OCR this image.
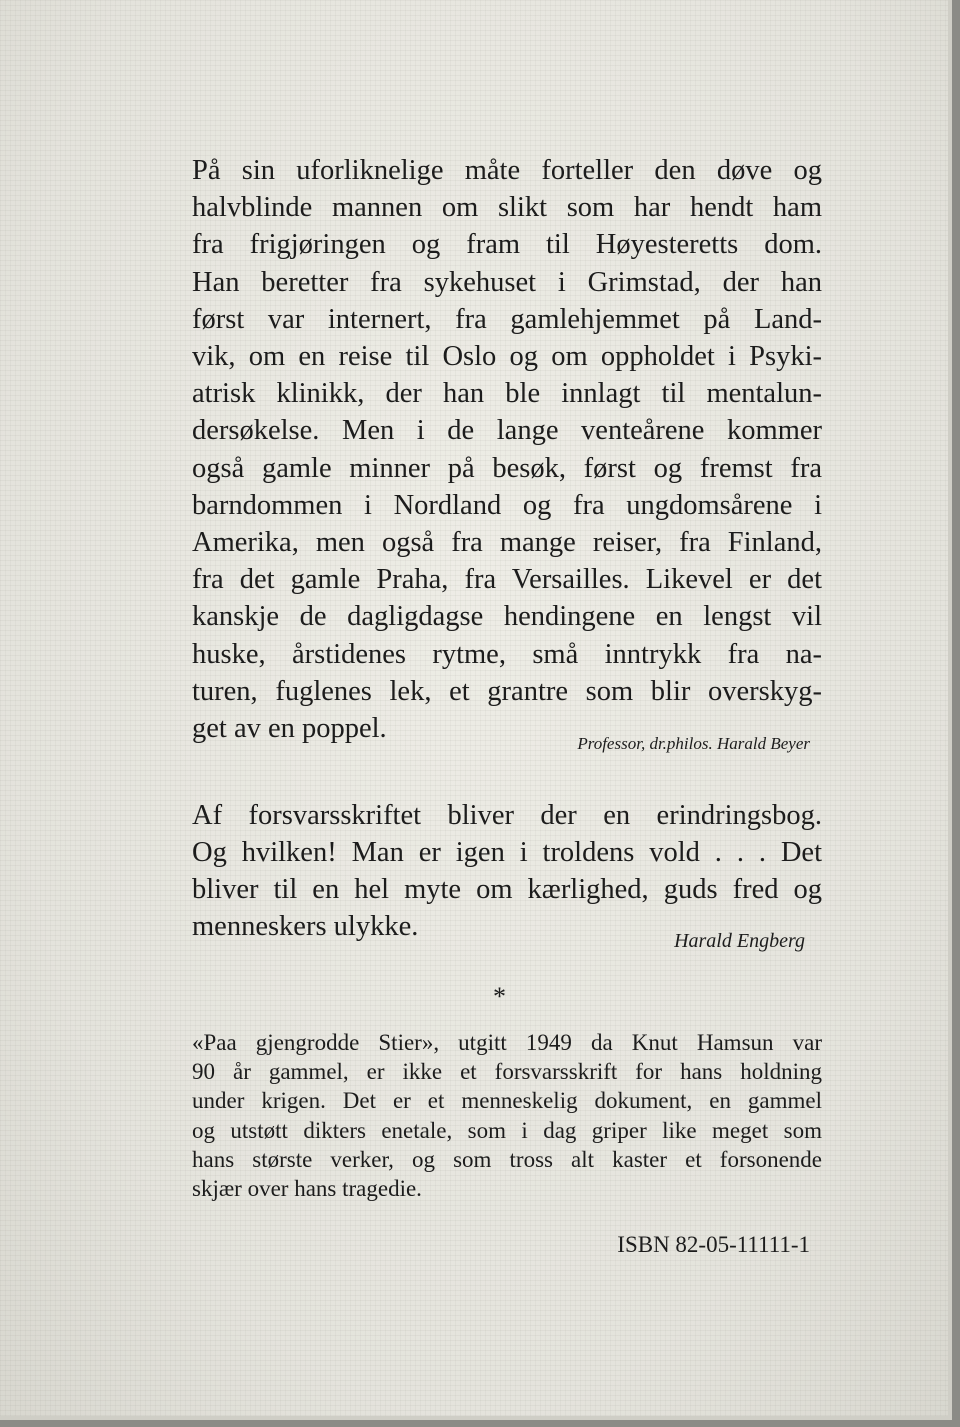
På sin uforliknelige måte forteller den døve og
halvblinde mannen om slikt som har hendt ham
fra frigjøringen og fram til Høyesteretts dom.
Han beretter fra sykehuset i Grimstad, der han
først var internert, fra gamlehjemmet på Land-
vik, om en reise til Oslo og om oppholdet i Psyki-
atrisk klinikk, der han ble innlagt til mentalun-
dersøkelse. Men i de lange venteårene kommer
også gamle minner på besøk, først og fremst fra
barndommen i Nordland og fra ungdomsårene i
Amerika, men også fra mange reiser, fra Finland,
fra det gamle Praha, fra Versailles. Likevel er det
kanskje de dagligdagse hendingene en lengst vil
huske, årstidenes rytme, små inntrykk fra na-
turen, fuglenes lek, et grantre som blir overskyg-
get av en poppel.	Professor, dr.philos. Harald Beyer
Af forsvarsskriftet bliver der en erindringsbog.
Og hvilken! Man er igen i troldens vold . . . Det
bliver til en hel myte om kærlighed, guds fred og
menneskers ulykke.	Harald Engberg
*
«Paa gjengrodde Stier», utgitt 1949 da Knut Hamsun var
90 år gammel, er ikke et forsvarsskrift for hans holdning
under krigen. Det er et menneskelig dokument, en gammel
og utstøtt dikters enetale, som i dag griper like meget som
hans største verker, og som tross alt kaster et forsonende
skjær over hans tragedie.
ISBN 82-05-11111-1
